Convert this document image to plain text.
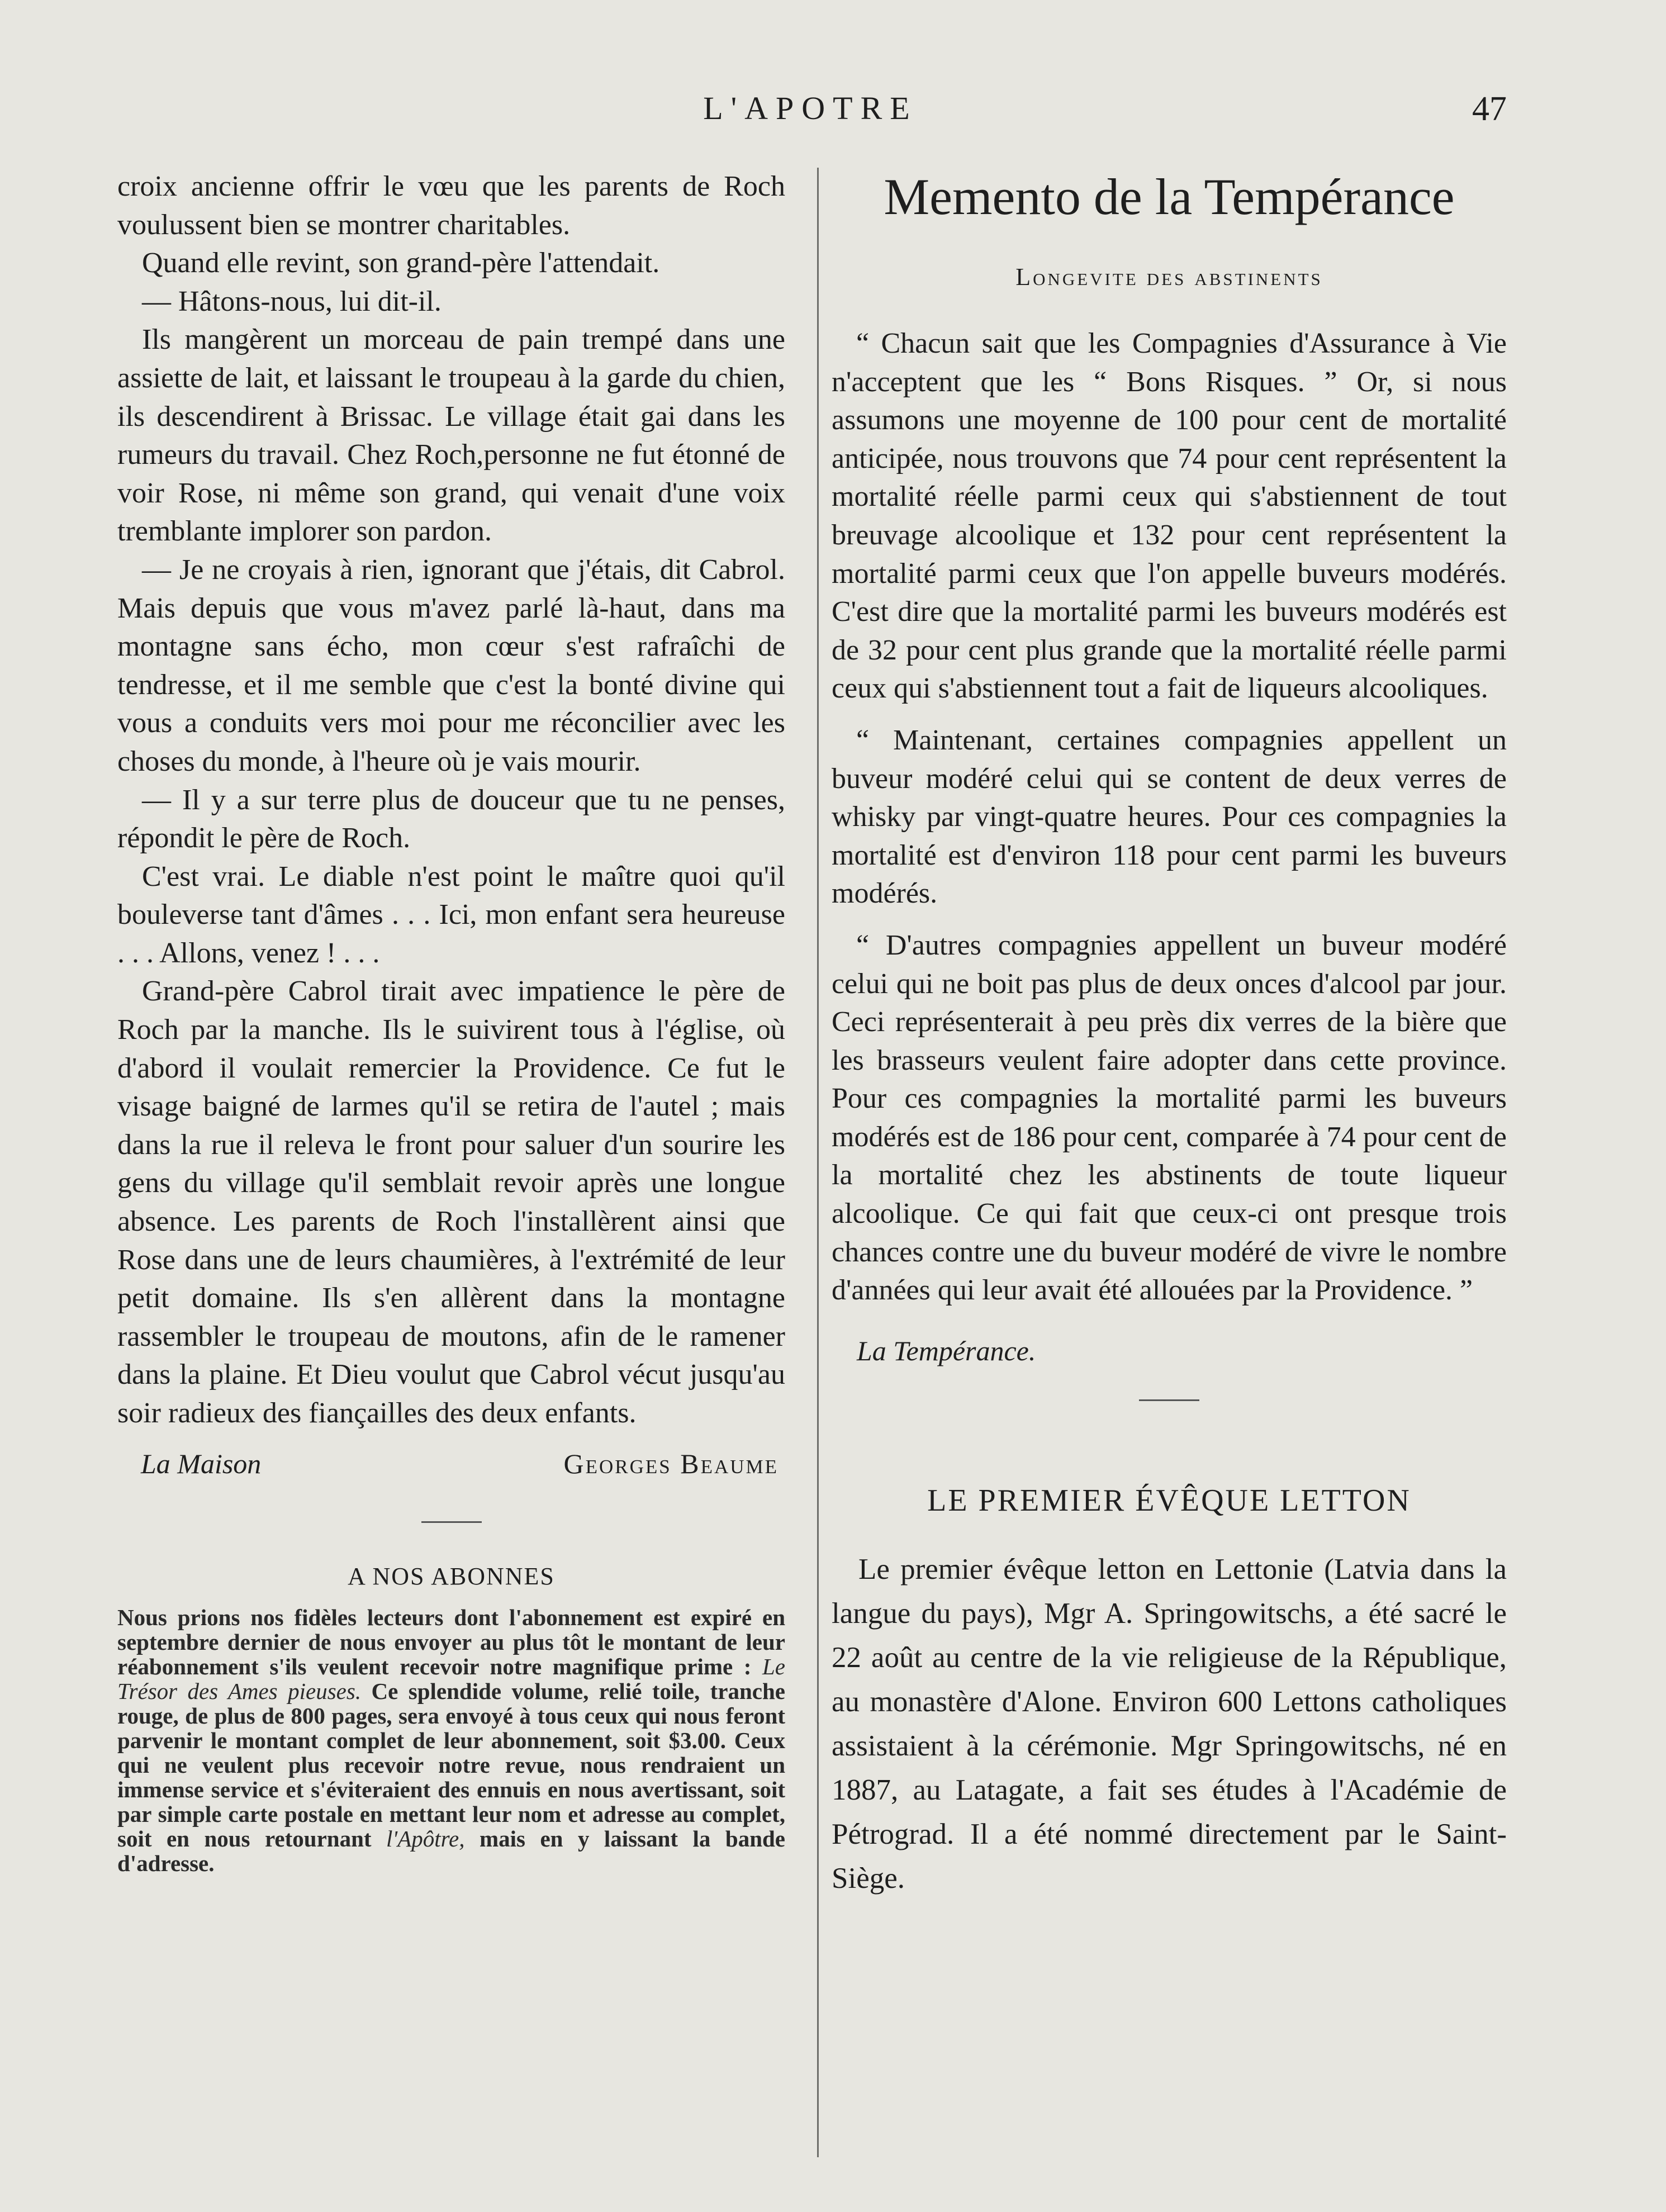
L'APOTRE	47

croix ancienne offrir le vœu que les parents de Roch voulussent bien se montrer charitables.

Quand elle revint, son grand-père l'attendait.

— Hâtons-nous, lui dit-il.

Ils mangèrent un morceau de pain trempé dans une assiette de lait, et laissant le troupeau à la garde du chien, ils descendirent à Brissac. Le village était gai dans les rumeurs du travail. Chez Roch,personne ne fut étonné de voir Rose, ni même son grand, qui venait d'une voix tremblante implorer son pardon.

— Je ne croyais à rien, ignorant que j'étais, dit Cabrol. Mais depuis que vous m'avez parlé là-haut, dans ma montagne sans écho, mon cœur s'est rafraîchi de tendresse, et il me semble que c'est la bonté divine qui vous a conduits vers moi pour me réconcilier avec les choses du monde, à l'heure où je vais mourir.

— Il y a sur terre plus de douceur que tu ne penses, répondit le père de Roch.

C'est vrai. Le diable n'est point le maître quoi qu'il bouleverse tant d'âmes . . . Ici, mon enfant sera heureuse . . . Allons, venez ! . . .

Grand-père Cabrol tirait avec impatience le père de Roch par la manche. Ils le suivirent tous à l'église, où d'abord il voulait remercier la Providence. Ce fut le visage baigné de larmes qu'il se retira de l'autel ; mais dans la rue il releva le front pour saluer d'un sourire les gens du village qu'il semblait revoir après une longue absence. Les parents de Roch l'installèrent ainsi que Rose dans une de leurs chaumières, à l'extrémité de leur petit domaine. Ils s'en allèrent dans la montagne rassembler le troupeau de moutons, afin de le ramener dans la plaine. Et Dieu voulut que Cabrol vécut jusqu'au soir radieux des fiançailles des deux enfants.

La Maison	Georges Beaume
A NOS ABONNES

Nous prions nos fidèles lecteurs dont l'abonnement est expiré en septembre dernier de nous envoyer au plus tôt le montant de leur réabonnement s'ils veulent recevoir notre magnifique prime : Le Trésor des Ames pieuses. Ce splendide volume, relié toile, tranche rouge, de plus de 800 pages, sera envoyé à tous ceux qui nous feront parvenir le montant complet de leur abonnement, soit $3.00. Ceux qui ne veulent plus recevoir notre revue, nous rendraient un immense service et s'éviteraient des ennuis en nous avertissant, soit par simple carte postale en mettant leur nom et adresse au complet, soit en nous retournant l'Apôtre, mais en y laissant la bande d'adresse.

Memento de la Tempérance
Longevite des abstinents

“ Chacun sait que les Compagnies d'Assurance à Vie n'acceptent que les “ Bons Risques. ” Or, si nous assumons une moyenne de 100 pour cent de mortalité anticipée, nous trouvons que 74 pour cent représentent la mortalité réelle parmi ceux qui s'abstiennent de tout breuvage alcoolique et 132 pour cent représentent la mortalité parmi ceux que l'on appelle buveurs modérés. C'est dire que la mortalité parmi les buveurs modérés est de 32 pour cent plus grande que la mortalité réelle parmi ceux qui s'abstiennent tout a fait de liqueurs alcooliques.

“ Maintenant, certaines compagnies appellent un buveur modéré celui qui se content de deux verres de whisky par vingt-quatre heures. Pour ces compagnies la mortalité est d'environ 118 pour cent parmi les buveurs modérés.

“ D'autres compagnies appellent un buveur modéré celui qui ne boit pas plus de deux onces d'alcool par jour. Ceci représenterait à peu près dix verres de la bière que les brasseurs veulent faire adopter dans cette province. Pour ces compagnies la mortalité parmi les buveurs modérés est de 186 pour cent, comparée à 74 pour cent de la mortalité chez les abstinents de toute liqueur alcoolique. Ce qui fait que ceux-ci ont presque trois chances contre une du buveur modéré de vivre le nombre d'années qui leur avait été allouées par la Providence. ”

La Tempérance.
LE PREMIER ÉVÊQUE LETTON

Le premier évêque letton en Lettonie (Latvia dans la langue du pays), Mgr A. Springowitschs, a été sacré le 22 août au centre de la vie religieuse de la République, au monastère d'Alone. Environ 600 Lettons catholiques assistaient à la cérémonie. Mgr Springowitschs, né en 1887, au Latagate, a fait ses études à l'Académie de Pétrograd. Il a été nommé directement par le Saint-Siège.
